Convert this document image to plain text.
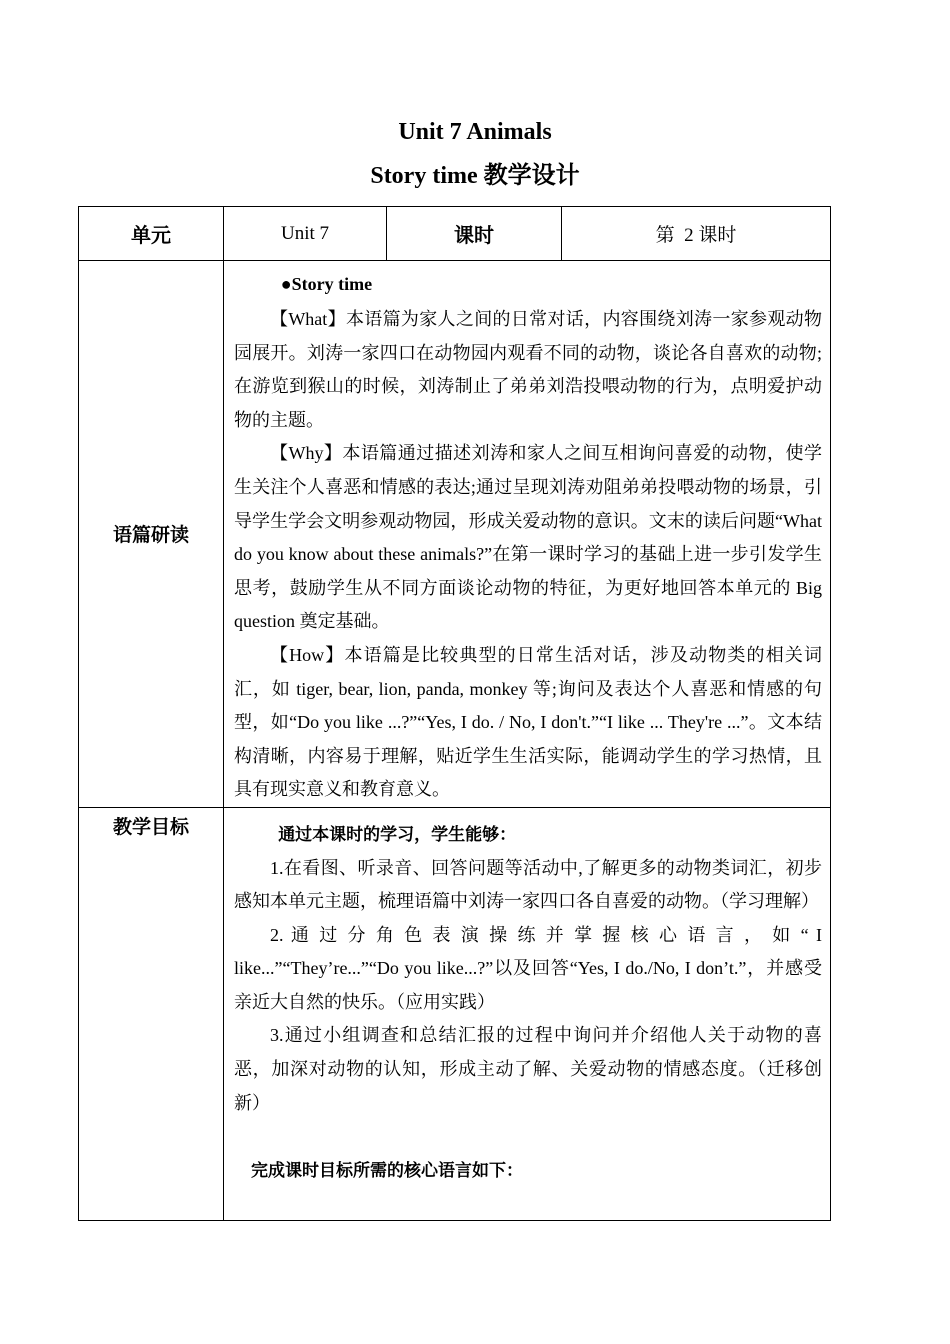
Unit 7 Animals
Story time 教学设计
单元	Unit 7	课时	第  2 课时
语篇研读	●Story time

【What】本语篇为家人之间的日常对话，内容围绕刘涛一家参观动物园展开。刘涛一家四口在动物园内观看不同的动物，谈论各自喜欢的动物;在游览到猴山的时候，刘涛制止了弟弟刘浩投喂动物的行为，点明爱护动物的主题。

【Why】本语篇通过描述刘涛和家人之间互相询问喜爱的动物，使学生关注个人喜恶和情感的表达;通过呈现刘涛劝阻弟弟投喂动物的场景，引导学生学会文明参观动物园，形成关爱动物的意识。文末的读后问题“What do you know about these animals?”在第一课时学习的基础上进一步引发学生思考，鼓励学生从不同方面谈论动物的特征，为更好地回答本单元的 Big question 奠定基础。

【How】本语篇是比较典型的日常生活对话，涉及动物类的相关词汇，如 tiger, bear, lion, panda, monkey 等;询问及表达个人喜恶和情感的句型，如“Do you like ...?”“Yes, I do. / No, I don't.”“I like ... They're ...”。文本结构清晰，内容易于理解，贴近学生生活实际，能调动学生的学习热情，且具有现实意义和教育意义。		

教学目标	通过本课时的学习，学生能够：

1.在看图、听录音、回答问题等活动中,了解更多的动物类词汇，初步感知本单元主题，梳理语篇中刘涛一家四口各自喜爱的动物。（学习理解）

2. 通 过 分 角 色 表 演 操 练 并 掌 握 核 心 语 言 ， 如 “ I like...”“They’re...”“Do you like...?”以及回答“Yes, I do./No, I don’t.”，并感受亲近大自然的快乐。（应用实践）

3.通过小组调查和总结汇报的过程中询问并介绍他人关于动物的喜恶，加深对动物的认知，形成主动了解、关爱动物的情感态度。（迁移创新）

完成课时目标所需的核心语言如下：		
